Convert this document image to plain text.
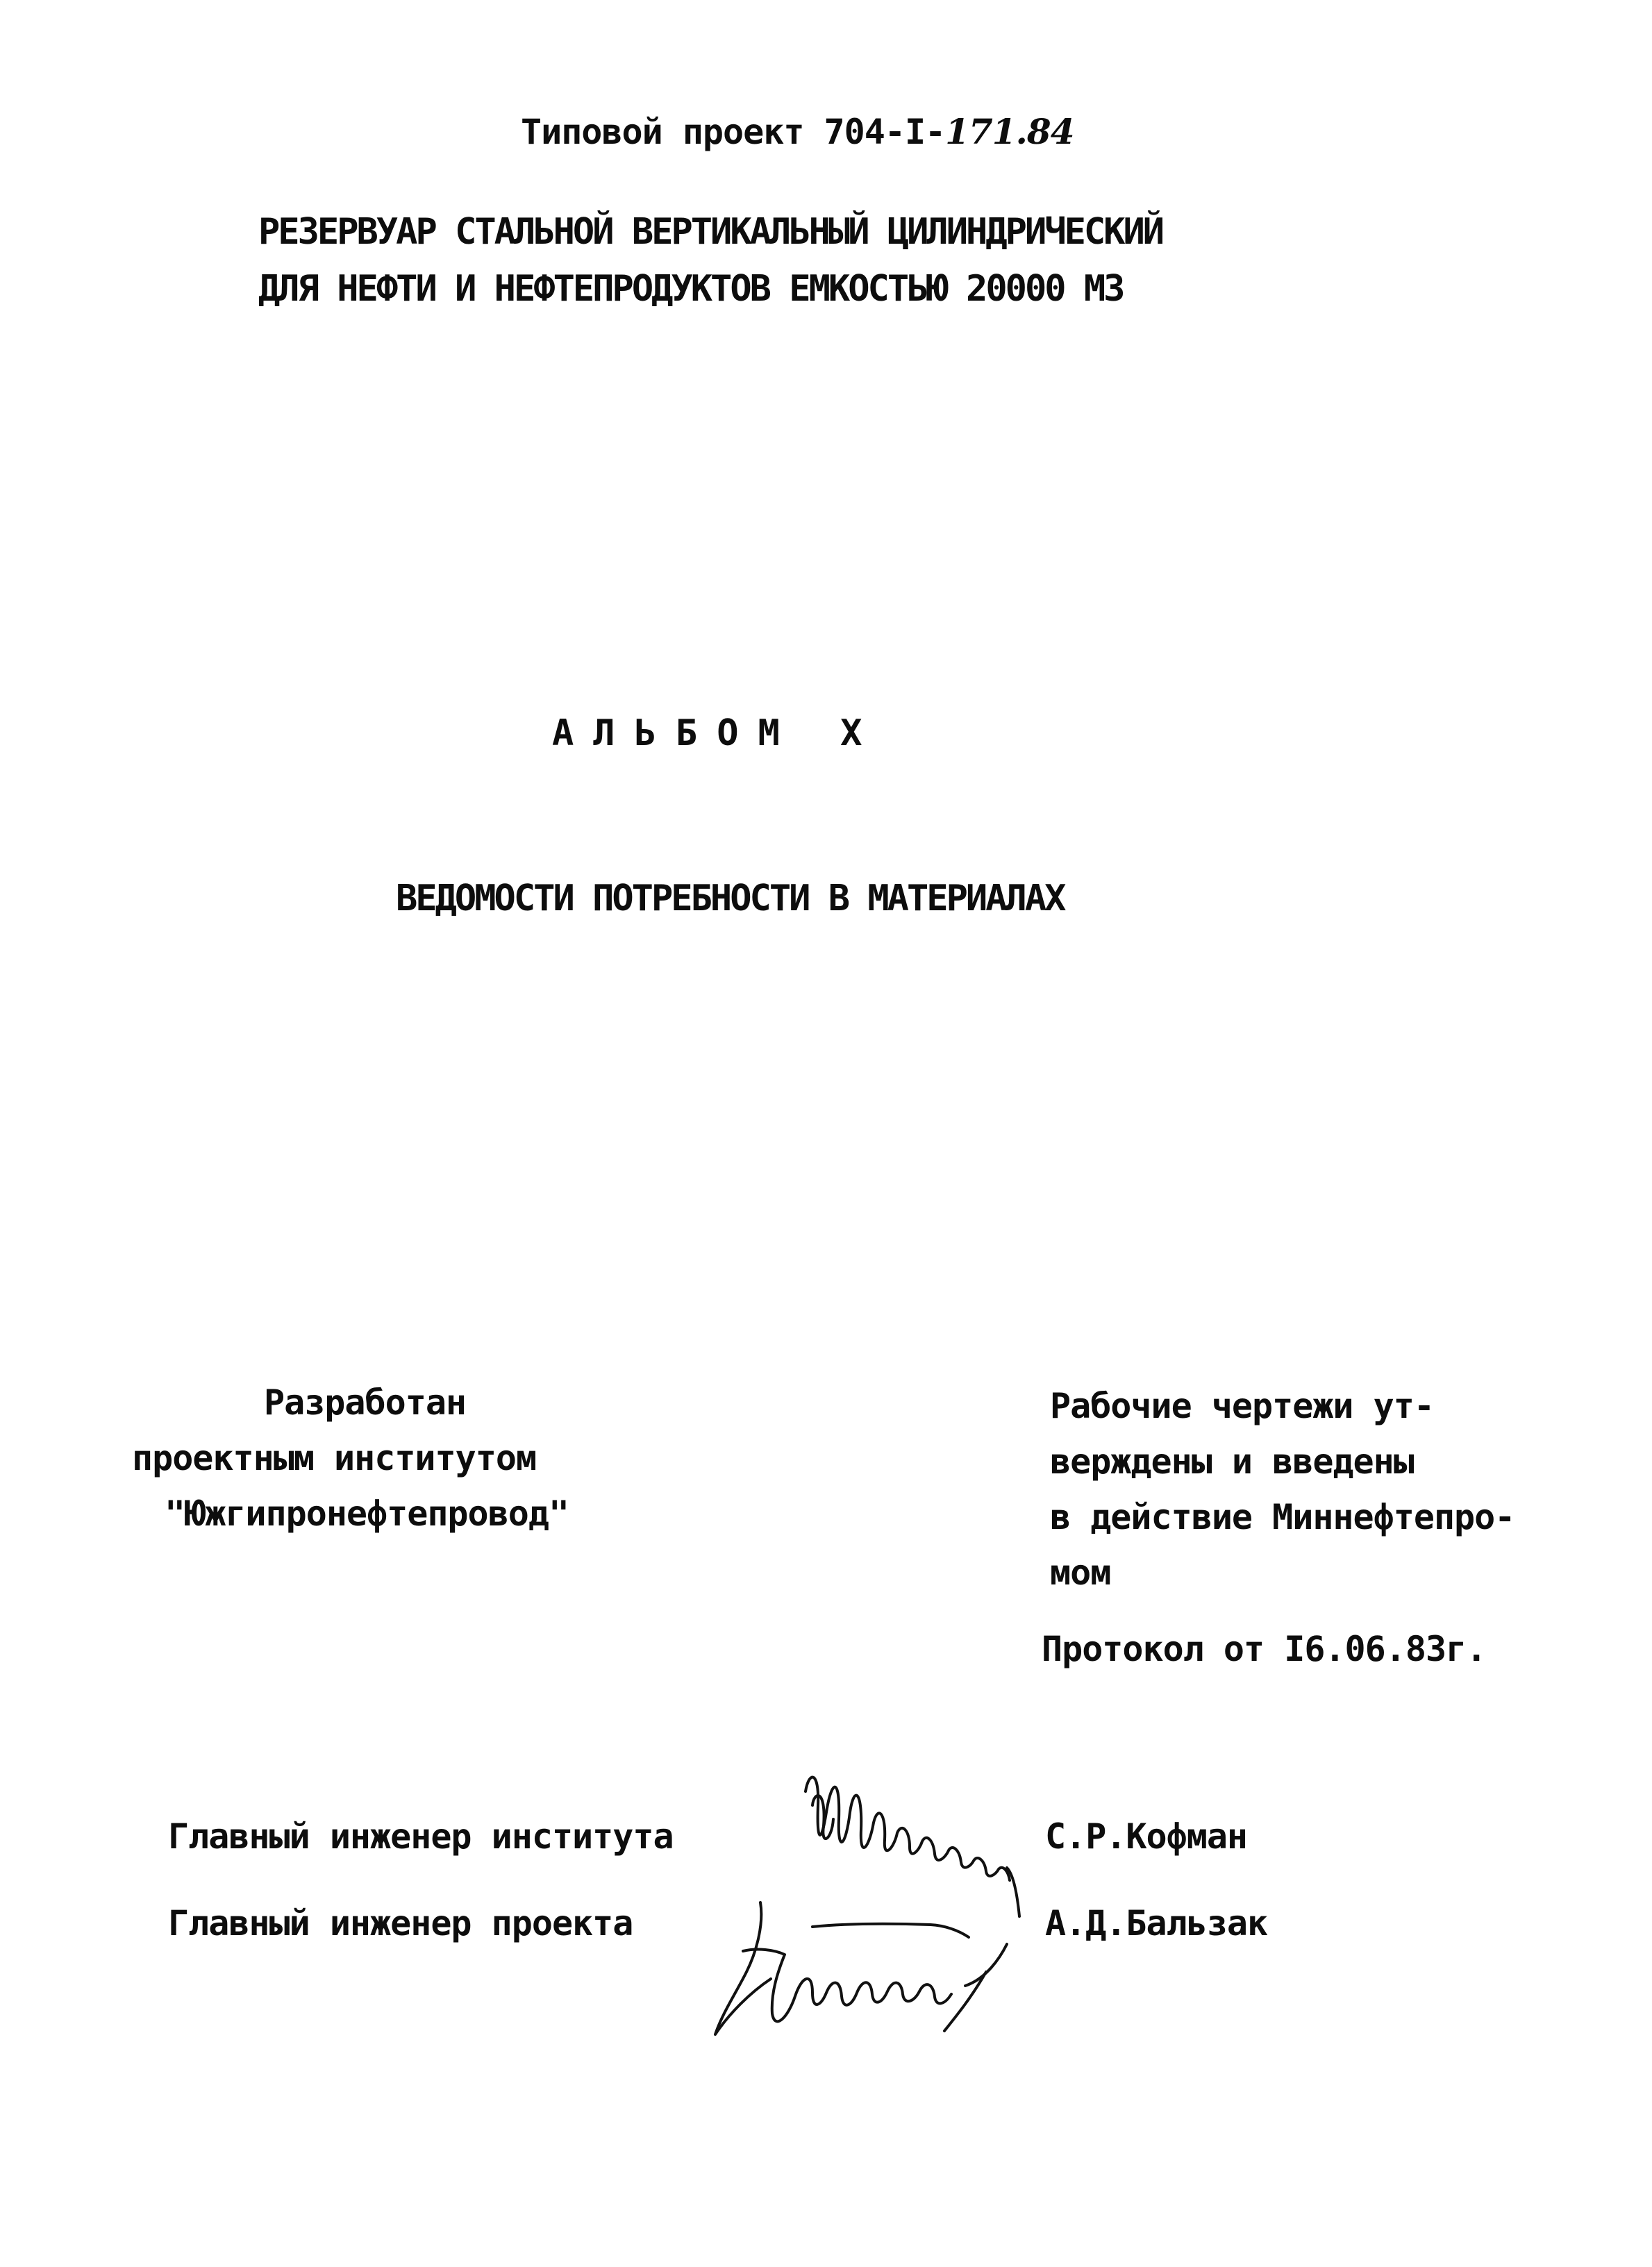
Типовой проект 704-I-171.84
РЕЗЕРВУАР СТАЛЬНОЙ ВЕРТИКАЛЬНЫЙ ЦИЛИНДРИЧЕСКИЙ
ДЛЯ НЕФТИ И НЕФТЕПРОДУКТОВ ЕМКОСТЬЮ 20000 МЗ
АЛЬБОМ Х
ВЕДОМОСТИ ПОТРЕБНОСТИ В МАТЕРИАЛАХ
Разработан
проектным институтом
"Южгипронефтепровод"
Рабочие чертежи ут-
верждены и введены
в действие Миннефтепро-
мом
Протокол от I6.06.83г.
Главный инженер института	С.Р.Кофман
Главный инженер проекта	А.Д.Бальзак
